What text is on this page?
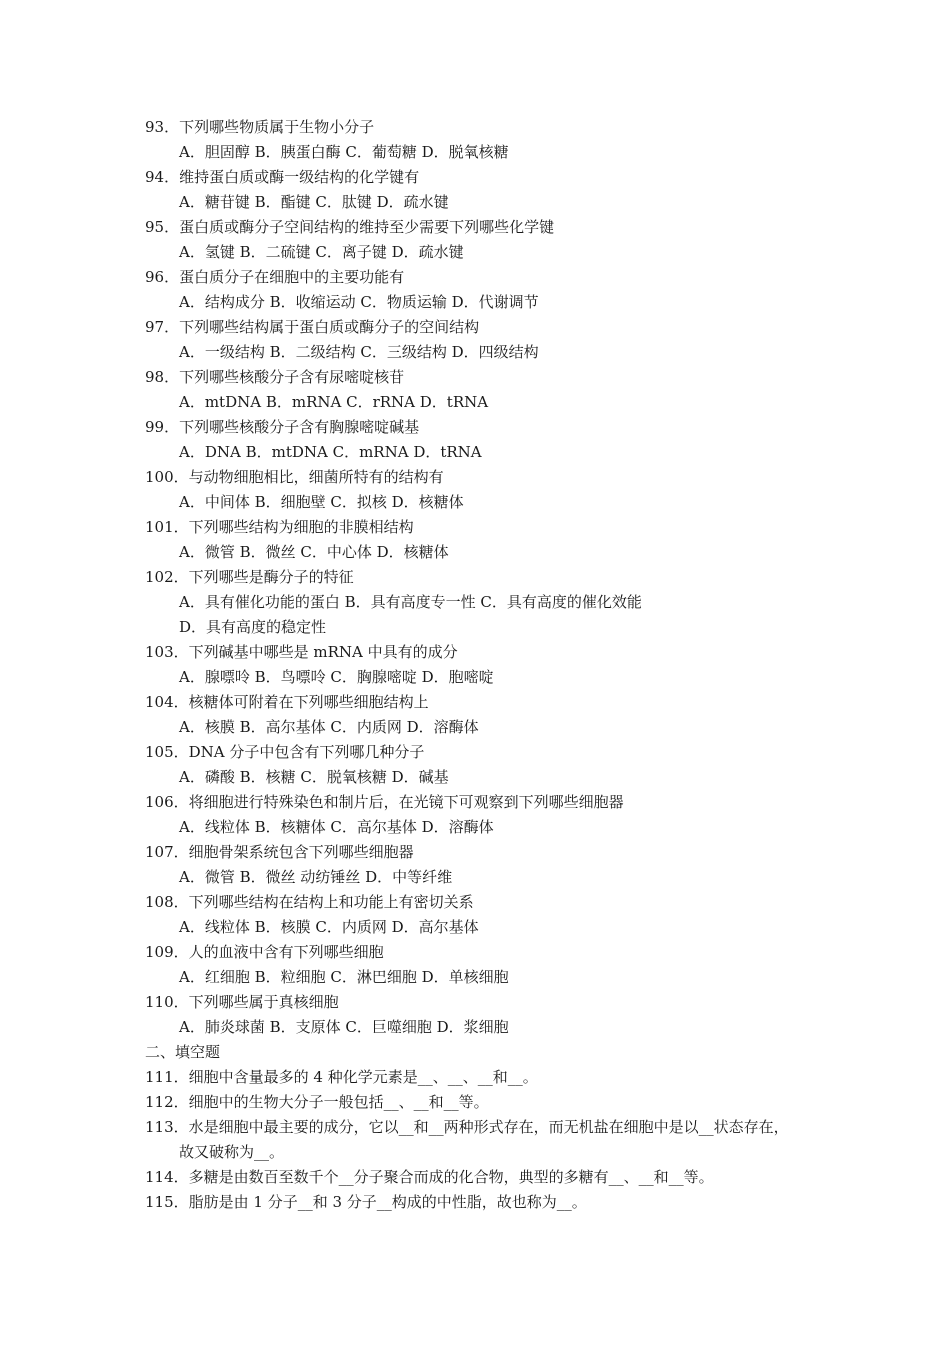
93．下列哪些物质属于生物小分子
A．胆固醇 B．胰蛋白酶 C．葡萄糖 D．脱氧核糖
94．维持蛋白质或酶一级结构的化学键有
A．糖苷键 B．酯键 C．肽键 D．疏水键
95．蛋白质或酶分子空间结构的维持至少需要下列哪些化学键
A．氢键 B．二硫键 C．离子键 D．疏水键
96．蛋白质分子在细胞中的主要功能有
A．结构成分 B．收缩运动 C．物质运输 D．代谢调节
97．下列哪些结构属于蛋白质或酶分子的空间结构
A．一级结构 B．二级结构 C．三级结构 D．四级结构
98．下列哪些核酸分子含有尿嘧啶核苷
A．mtDNA B．mRNA C．rRNA D．tRNA
99．下列哪些核酸分子含有胸腺嘧啶碱基
A．DNA B．mtDNA C．mRNA D．tRNA
100．与动物细胞相比，细菌所特有的结构有
A．中间体 B．细胞壁 C．拟核 D．核糖体
101．下列哪些结构为细胞的非膜相结构
A．微管 B．微丝 C．中心体 D．核糖体
102．下列哪些是酶分子的特征
A．具有催化功能的蛋白 B．具有高度专一性 C．具有高度的催化效能
D．具有高度的稳定性
103．下列碱基中哪些是 mRNA 中具有的成分
A．腺嘌呤 B．鸟嘌呤 C．胸腺嘧啶 D．胞嘧啶
104．核糖体可附着在下列哪些细胞结构上
A．核膜 B．高尔基体 C．内质网 D．溶酶体
105．DNA 分子中包含有下列哪几种分子
A．磷酸 B．核糖 C．脱氧核糖 D．碱基
106．将细胞进行特殊染色和制片后，在光镜下可观察到下列哪些细胞器
A．线粒体 B．核糖体 C．高尔基体 D．溶酶体
107．细胞骨架系统包含下列哪些细胞器
A．微管 B．微丝 动纺锤丝 D．中等纤维
108．下列哪些结构在结构上和功能上有密切关系
A．线粒体 B．核膜 C．内质网 D．高尔基体
109．人的血液中含有下列哪些细胞
A．红细胞 B．粒细胞 C．淋巴细胞 D．单核细胞
110．下列哪些属于真核细胞
A．肺炎球菌 B．支原体 C．巨噬细胞 D．浆细胞
二、填空题
111．细胞中含量最多的 4 种化学元素是__、__、__和__。
112．细胞中的生物大分子一般包括__、__和__等。
113．水是细胞中最主要的成分，它以__和__两种形式存在，而无机盐在细胞中是以__状态存在，
故又破称为__。
114．多糖是由数百至数千个__分子聚合而成的化合物，典型的多糖有__、__和__等。
115．脂肪是由 1 分子__和 3 分子__构成的中性脂，故也称为__。
